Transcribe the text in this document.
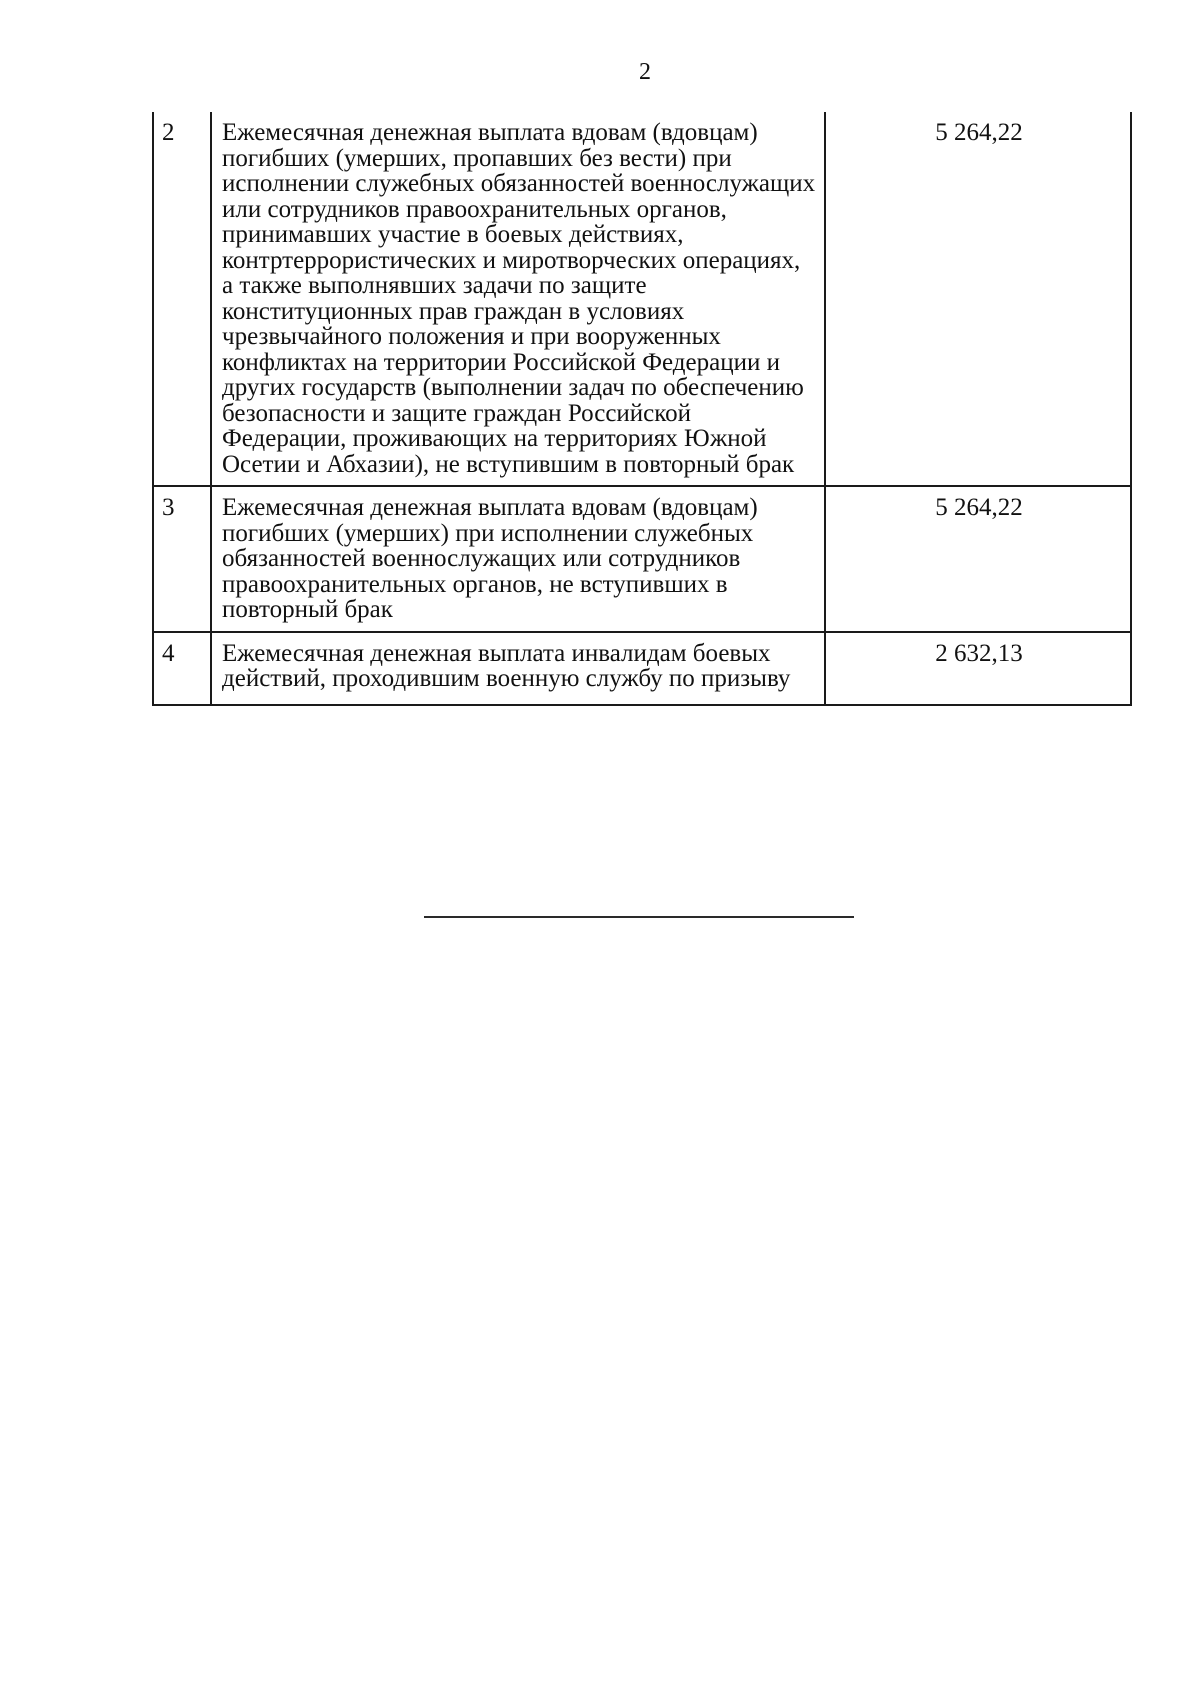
2
2	Ежемесячная денежная выплата вдовам (вдовцам) погибших (умерших, пропавших без вести) при исполнении служебных обязанностей военнослужащих или сотрудников правоохранительных органов, принимавших участие в боевых действиях, контртеррористических и миротворческих операциях, а также выполнявших задачи по защите конституционных прав граждан в условиях чрезвычайного положения и при вооруженных конфликтах на территории Российской Федерации и других государств (выполнении задач по обеспечению безопасности и защите граждан Российской Федерации, проживающих на территориях Южной Осетии и Абхазии), не вступившим в повторный брак	5 264,22
3	Ежемесячная денежная выплата вдовам (вдовцам) погибших (умерших) при исполнении служебных обязанностей военнослужащих или сотрудников правоохранительных органов, не вступивших в повторный брак	5 264,22
4	Ежемесячная денежная выплата инвалидам боевых действий, проходившим военную службу по призыву	2 632,13
